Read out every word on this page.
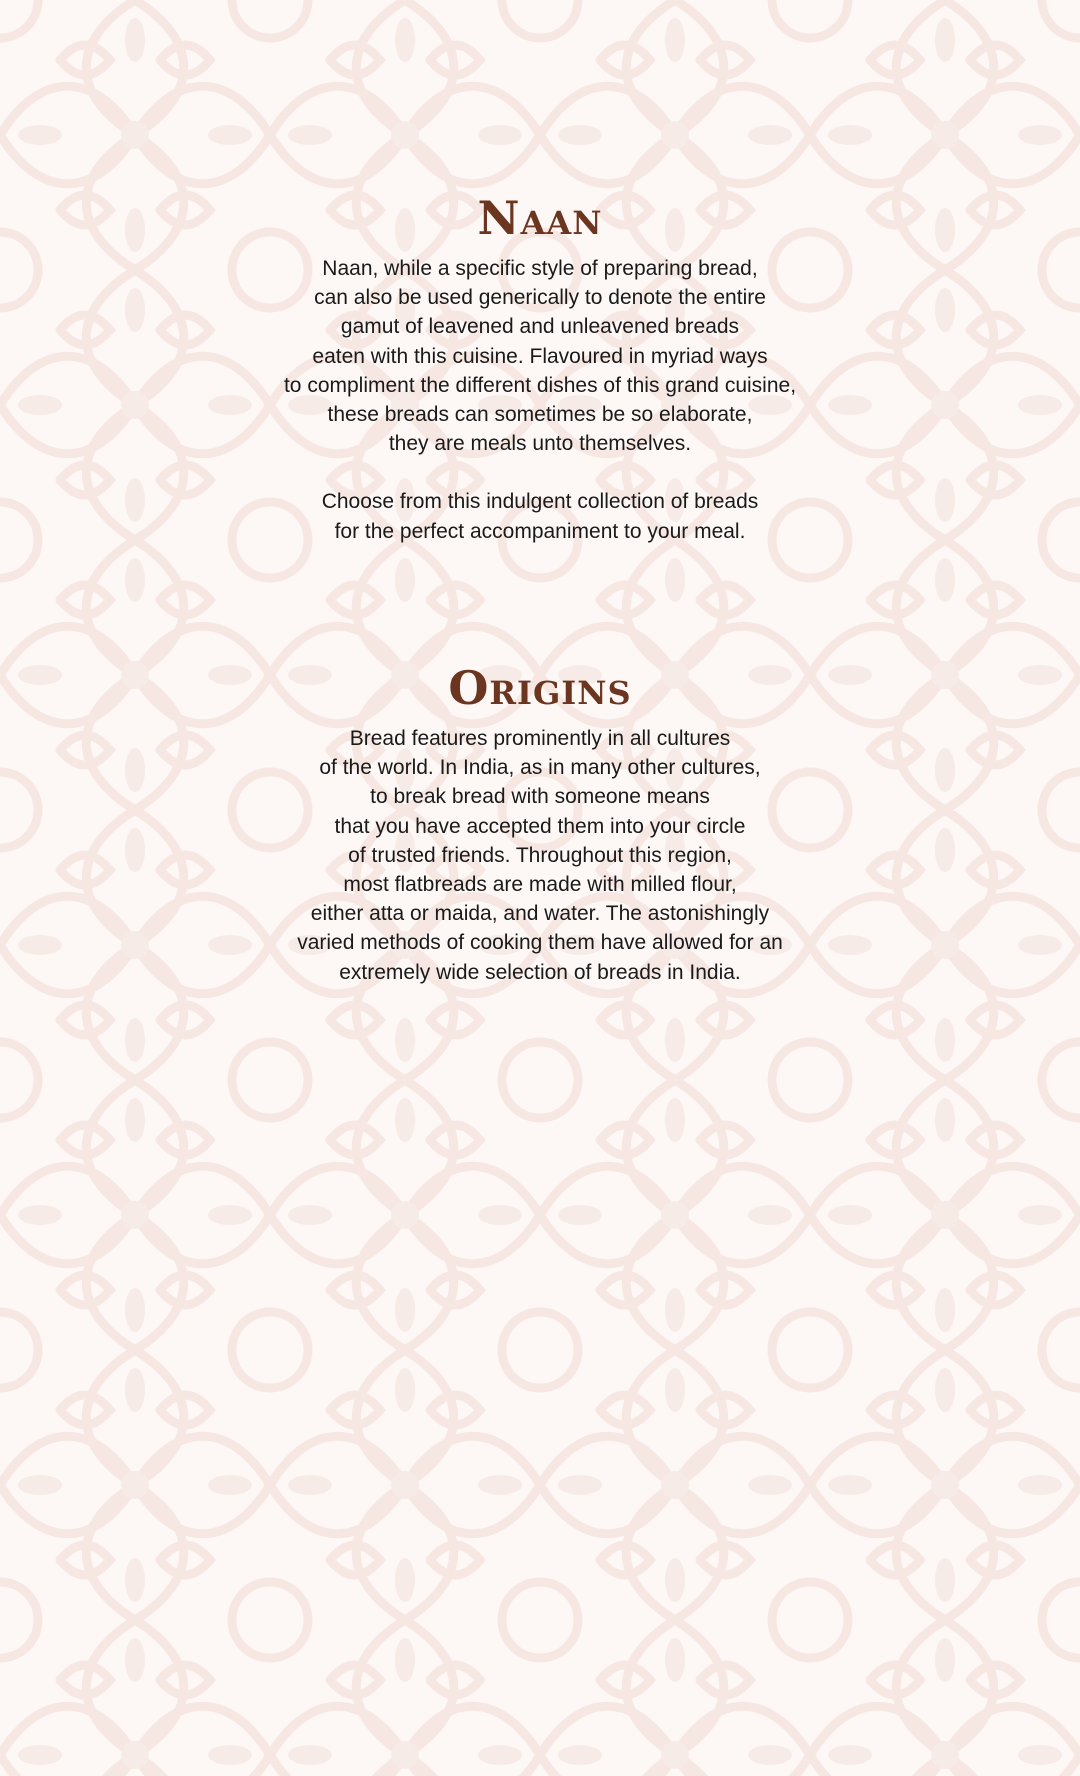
Naan
Naan, while a specific style of preparing bread,
can also be used generically to denote the entire
gamut of leavened and unleavened breads
eaten with this cuisine. Flavoured in myriad ways
to compliment the different dishes of this grand cuisine,
these breads can sometimes be so elaborate,
they are meals unto themselves.
Choose from this indulgent collection of breads
for the perfect accompaniment to your meal.
Origins
Bread features prominently in all cultures
of the world. In India, as in many other cultures,
to break bread with someone means
that you have accepted them into your circle
of trusted friends. Throughout this region,
most flatbreads are made with milled flour,
either atta or maida, and water. The astonishingly
varied methods of cooking them have allowed for an
extremely wide selection of breads in India.
